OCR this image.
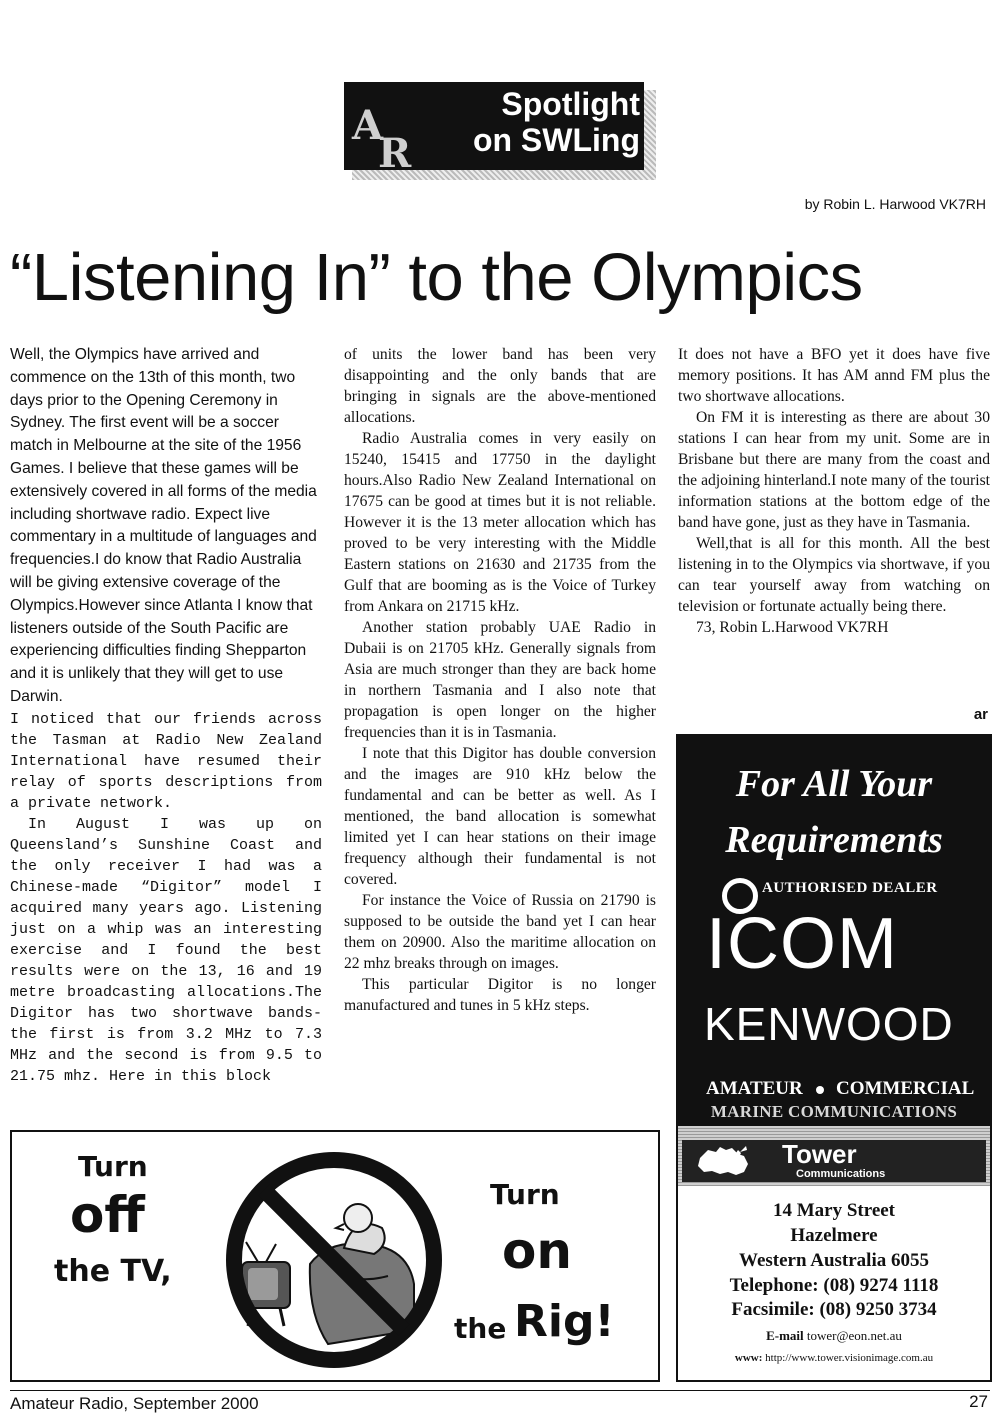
A
R
Spotlight
on SWLing
by Robin L. Harwood VK7RH
“Listening In” to the Olympics

Well, the Olympics have arrived and commence on the 13th of this month, two days prior to the Opening Ceremony in Sydney. The first event will be a soccer match in Melbourne at the site of the 1956 Games. I believe that these games will be extensively covered in all forms of the media including shortwave radio. Expect live commentary in a multitude of languages and frequencies.I do know that Radio Australia will be giving extensive coverage of the Olympics.However since Atlanta I know that listeners outside of the South Pacific are experiencing difficulties finding Shepparton and it is unlikely that they will get to use Darwin.

I noticed that our friends across the Tasman at Radio New Zealand International have resumed their relay of sports descriptions from a private network.

In August I was up on Queensland’s Sunshine Coast and the only receiver I had was a Chinese-made “Digitor” model I acquired many years ago. Listening just on a whip was an interesting exercise and I found the best results were on the 13, 16 and 19 metre broadcasting allocations.The Digitor has two shortwave bands- the first is from 3.2 MHz to 7.3 MHz and the second is from 9.5 to 21.75 mhz. Here in this block

of units the lower band has been very disappointing and the only bands that are bringing in signals are the above-mentioned allocations.

Radio Australia comes in very easily on 15240, 15415 and 17750 in the daylight hours.Also Radio New Zealand International on 17675 can be good at times but it is not reliable. However it is the 13 meter allocation which has proved to be very interesting with the Middle Eastern stations on 21630 and 21735 from the Gulf that are booming as is the Voice of Turkey from Ankara on 21715 kHz.

Another station probably UAE Radio in Dubaii is on 21705 kHz. Generally signals from Asia are much stronger than they are back home in northern Tasmania and I also note that propagation is open longer on the higher frequencies than it is in Tasmania.

I note that this Digitor has double conversion and the images are 910 kHz below the fundamental and can be better as well. As I mentioned, the band allocation is somewhat limited yet I can hear stations on their image frequency although their fundamental is not covered.

For instance the Voice of Russia on 21790 is supposed to be outside the band yet I can hear them on 20900. Also the maritime allocation on 22 mhz breaks through on images.

This particular Digitor is no longer manufactured and tunes in 5 kHz steps.

It does not have a BFO yet it does have five memory positions. It has AM annd FM plus the two shortwave allocations.

On FM it is interesting as there are about 30 stations I can hear from my unit. Some are in Brisbane but there are many from the coast and the adjoining hinterland.I note many of the tourist information stations at the bottom edge of the band have gone, just as they have in Tasmania.

Well,that is all for this month. All the best listening in to the Olympics via shortwave, if you can tear yourself away from watching on television or fortunate actually being there.

73, Robin L.Harwood VK7RH

ar
For All Your
Requirements
AUTHORISED DEALER
ICOM
KENWOOD
AMATEUR COMMERCIAL
MARINE COMMUNICATIONS
Tower
Communications
14 Mary Street
Hazelmere
Western Australia 6055
Telephone: (08) 9274 1118
Facsimile: (08) 9250 3734
E-mail tower@eon.net.au
www: http://www.tower.visionimage.com.au
Turn
off
the TV,
Turn
on
the Rig!
Amateur Radio, September 2000	27
